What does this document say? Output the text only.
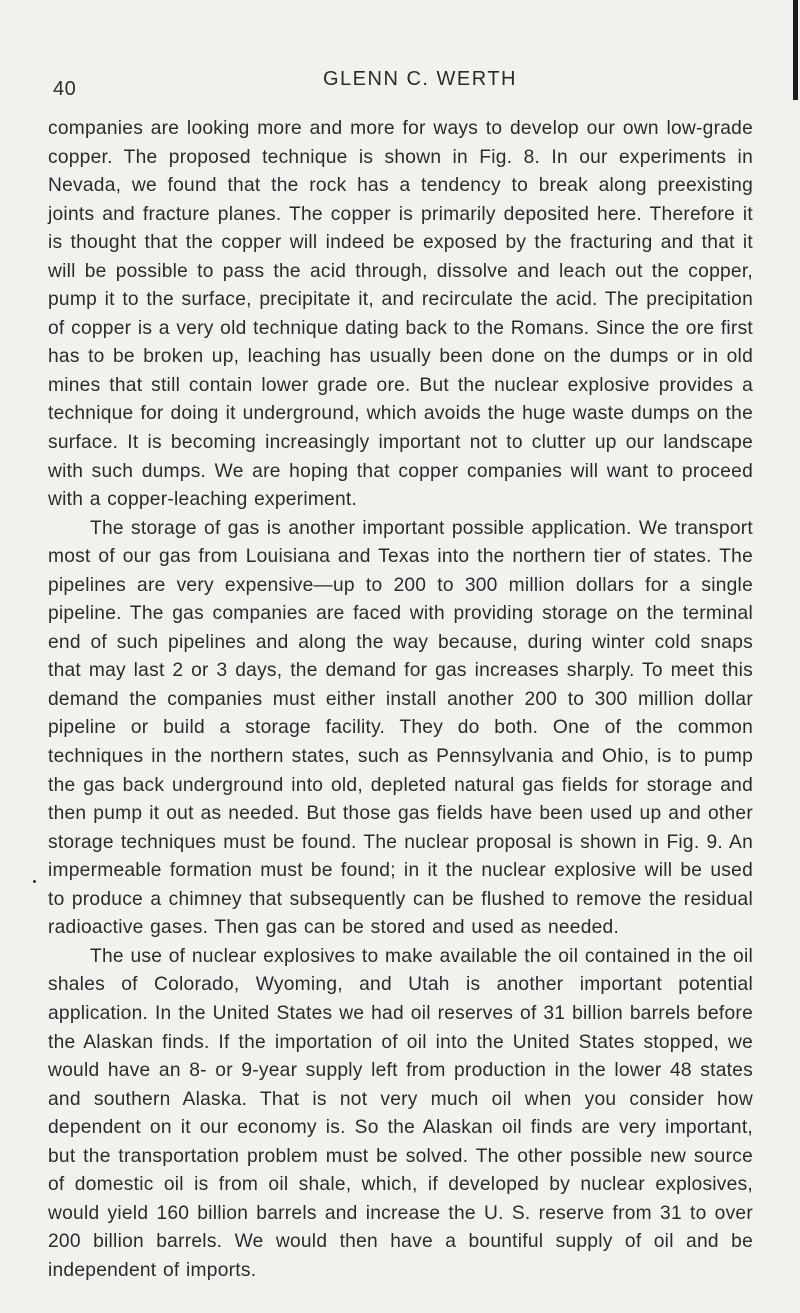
40	GLENN C. WERTH

companies are looking more and more for ways to develop our own low-grade copper. The proposed technique is shown in Fig. 8. In our experiments in Nevada, we found that the rock has a tendency to break along preexisting joints and fracture planes. The copper is primarily deposited here. Therefore it is thought that the copper will indeed be exposed by the fracturing and that it will be possible to pass the acid through, dissolve and leach out the copper, pump it to the surface, precipitate it, and recirculate the acid. The precipitation of copper is a very old technique dating back to the Romans. Since the ore first has to be broken up, leaching has usually been done on the dumps or in old mines that still contain lower grade ore. But the nuclear explosive provides a technique for doing it underground, which avoids the huge waste dumps on the surface. It is becoming increasingly important not to clutter up our landscape with such dumps. We are hoping that copper companies will want to proceed with a copper-leaching experiment.

The storage of gas is another important possible application. We transport most of our gas from Louisiana and Texas into the northern tier of states. The pipelines are very expensive—up to 200 to 300 million dollars for a single pipeline. The gas companies are faced with providing storage on the terminal end of such pipelines and along the way because, during winter cold snaps that may last 2 or 3 days, the demand for gas increases sharply. To meet this demand the companies must either install another 200 to 300 million dollar pipeline or build a storage facility. They do both. One of the common techniques in the northern states, such as Pennsylvania and Ohio, is to pump the gas back underground into old, depleted natural gas fields for storage and then pump it out as needed. But those gas fields have been used up and other storage techniques must be found. The nuclear proposal is shown in Fig. 9. An impermeable formation must be found; in it the nuclear explosive will be used to produce a chimney that subsequently can be flushed to remove the residual radioactive gases. Then gas can be stored and used as needed.

The use of nuclear explosives to make available the oil contained in the oil shales of Colorado, Wyoming, and Utah is another important potential application. In the United States we had oil reserves of 31 billion barrels before the Alaskan finds. If the importation of oil into the United States stopped, we would have an 8- or 9-year supply left from production in the lower 48 states and southern Alaska. That is not very much oil when you consider how dependent on it our economy is. So the Alaskan oil finds are very important, but the transportation problem must be solved. The other possible new source of domestic oil is from oil shale, which, if developed by nuclear explosives, would yield 160 billion barrels and increase the U. S. reserve from 31 to over 200 billion barrels. We would then have a bountiful supply of oil and be independent of imports.
